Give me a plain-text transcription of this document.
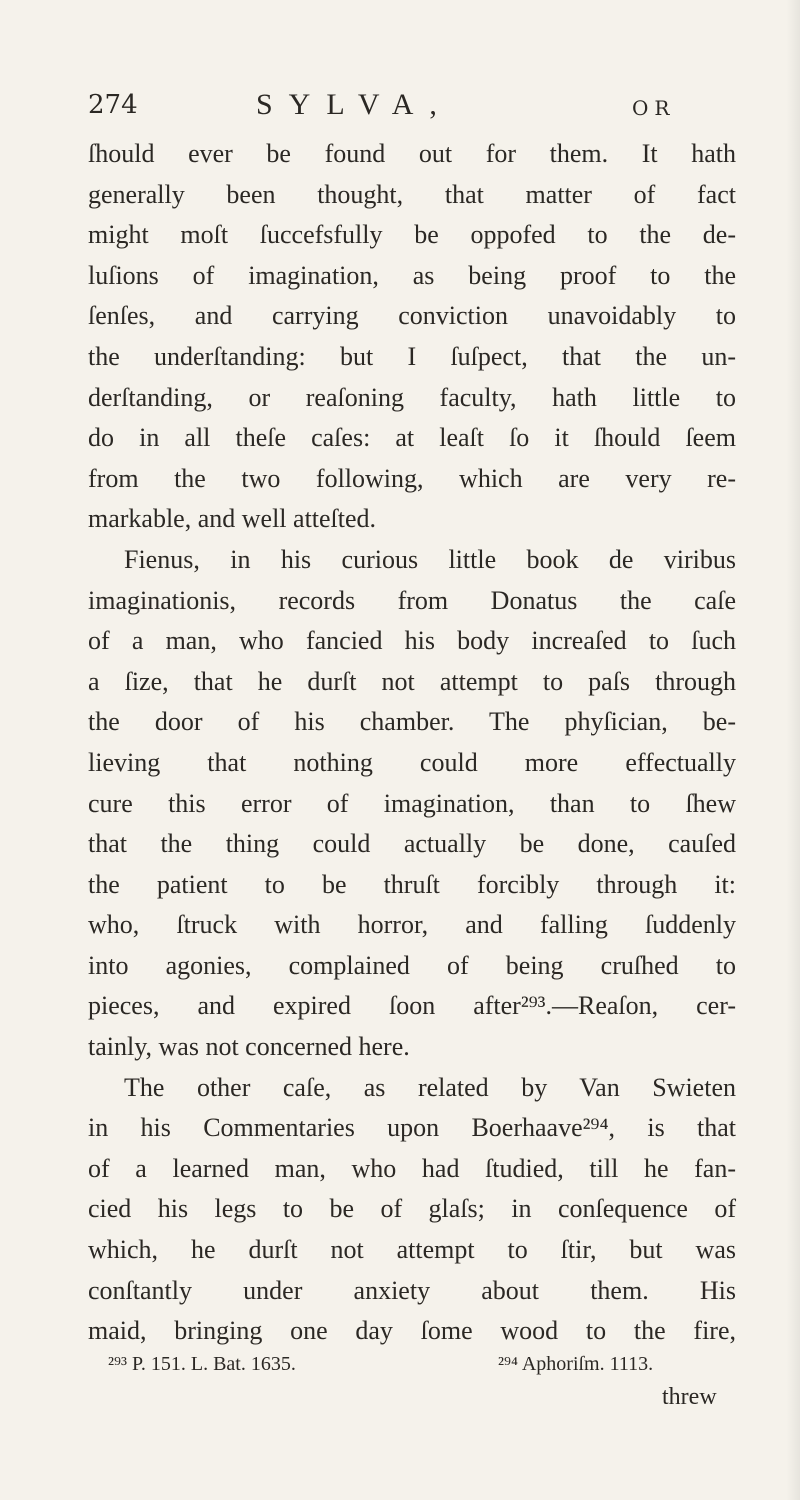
274	SYLVA,	OR
ſhould ever be found out for them. It hath
generally been thought, that matter of fact
might moſt ſuccefsfully be oppofed to the de-
luſions of imagination, as being proof to the
ſenſes, and carrying conviction unavoidably to
the underſtanding: but I ſuſpect, that the un-
derſtanding, or reaſoning faculty, hath little to
do in all theſe caſes: at leaſt ſo it ſhould ſeem
from the two following, which are very re-
markable, and well atteſted.
Fienus, in his curious little book de viribus
imaginationis, records from Donatus the caſe
of a man, who fancied his body increaſed to ſuch
a ſize, that he durſt not attempt to paſs through
the door of his chamber. The phyſician, be-
lieving that nothing could more effectually
cure this error of imagination, than to ſhew
that the thing could actually be done, cauſed
the patient to be thruſt forcibly through it:
who, ſtruck with horror, and falling ſuddenly
into agonies, complained of being cruſhed to
pieces, and expired ſoon after²⁹³.—Reaſon, cer-
tainly, was not concerned here.
The other caſe, as related by Van Swieten
in his Commentaries upon Boerhaave²⁹⁴, is that
of a learned man, who had ſtudied, till he fan-
cied his legs to be of glaſs; in conſequence of
which, he durſt not attempt to ſtir, but was
conſtantly under anxiety about them. His
maid, bringing one day ſome wood to the fire,
²⁹³ P. 151. L. Bat. 1635.	²⁹⁴ Aphoriſm. 1113.
threw
